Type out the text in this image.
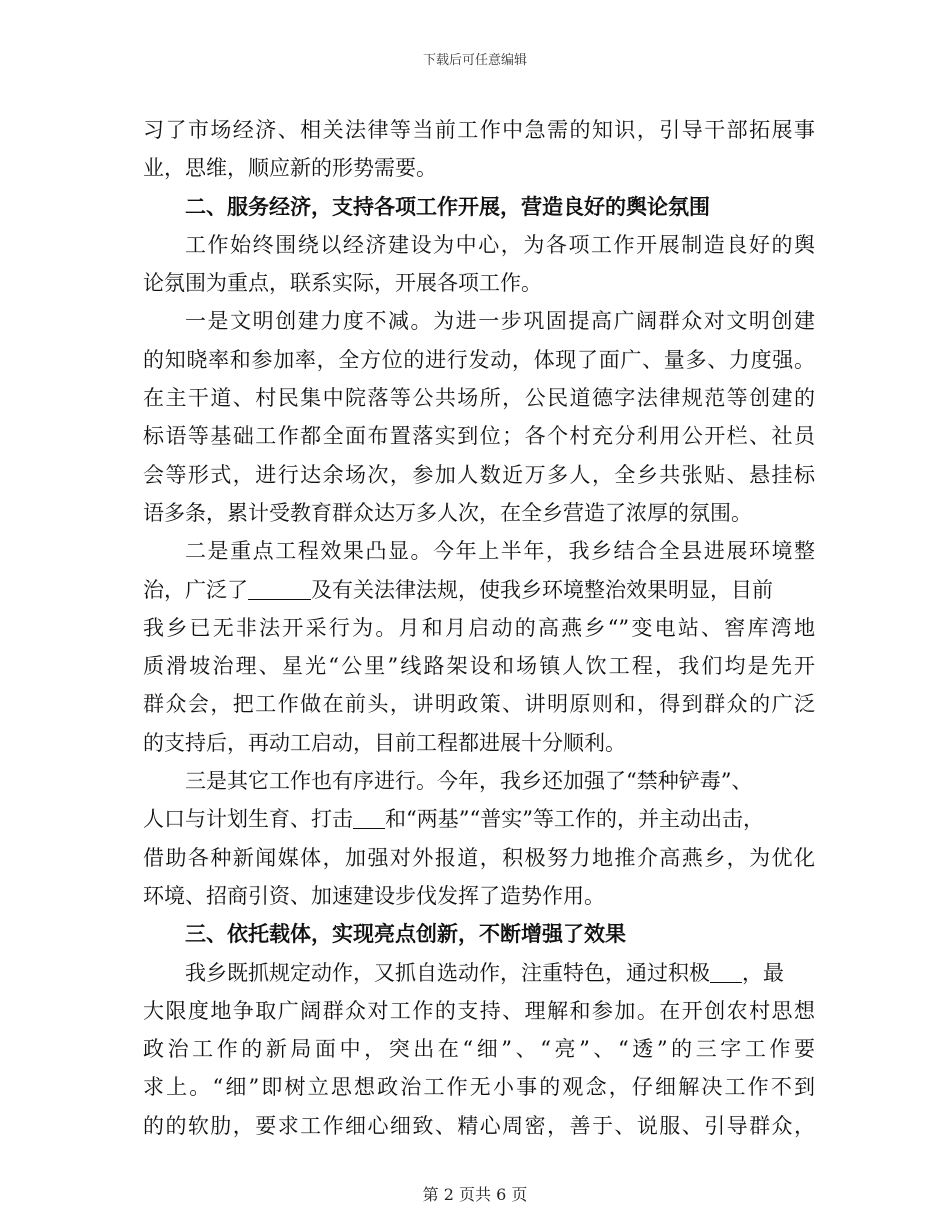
下载后可任意编辑
习了市场经济、相关法律等当前工作中急需的知识，引导干部拓展事
业，思维，顺应新的形势需要。
二、服务经济，支持各项工作开展，营造良好的舆论氛围
工作始终围绕以经济建设为中心，为各项工作开展制造良好的舆
论氛围为重点，联系实际，开展各项工作。
一是文明创建力度不减。为进一步巩固提高广阔群众对文明创建
的知晓率和参加率，全方位的进行发动，体现了面广、量多、力度强。
在主干道、村民集中院落等公共场所，公民道德字法律规范等创建的
标语等基础工作都全面布置落实到位；各个村充分利用公开栏、社员
会等形式，进行达余场次，参加人数近万多人，全乡共张贴、悬挂标
语多条，累计受教育群众达万多人次，在全乡营造了浓厚的氛围。
二是重点工程效果凸显。今年上半年，我乡结合全县进展环境整
治，广泛了	及有关法律法规，使我乡环境整治效果明显，目前
我乡已无非法开采行为。月和月启动的高燕乡“”变电站、窖库湾地
质滑坡治理、星光“公里”线路架设和场镇人饮工程，我们均是先开
群众会，把工作做在前头，讲明政策、讲明原则和，得到群众的广泛
的支持后，再动工启动，目前工程都进展十分顺利。
三是其它工作也有序进行。今年，我乡还加强了“禁种铲毒”、
人口与计划生育、打击 和“两基”“普实”等工作的，并主动出击，
借助各种新闻媒体，加强对外报道，积极努力地推介高燕乡，为优化
环境、招商引资、加速建设步伐发挥了造势作用。
三、依托载体，实现亮点创新，不断增强了效果
我乡既抓规定动作，又抓自选动作，注重特色，通过积极 ，最
大限度地争取广阔群众对工作的支持、理解和参加。在开创农村思想
政治工作的新局面中，突出在“细”、“亮”、“透”的三字工作要
求上。“细”即树立思想政治工作无小事的观念，仔细解决工作不到
的的软肋，要求工作细心细致、精心周密，善于、说服、引导群众，
第 2 页共 6 页
